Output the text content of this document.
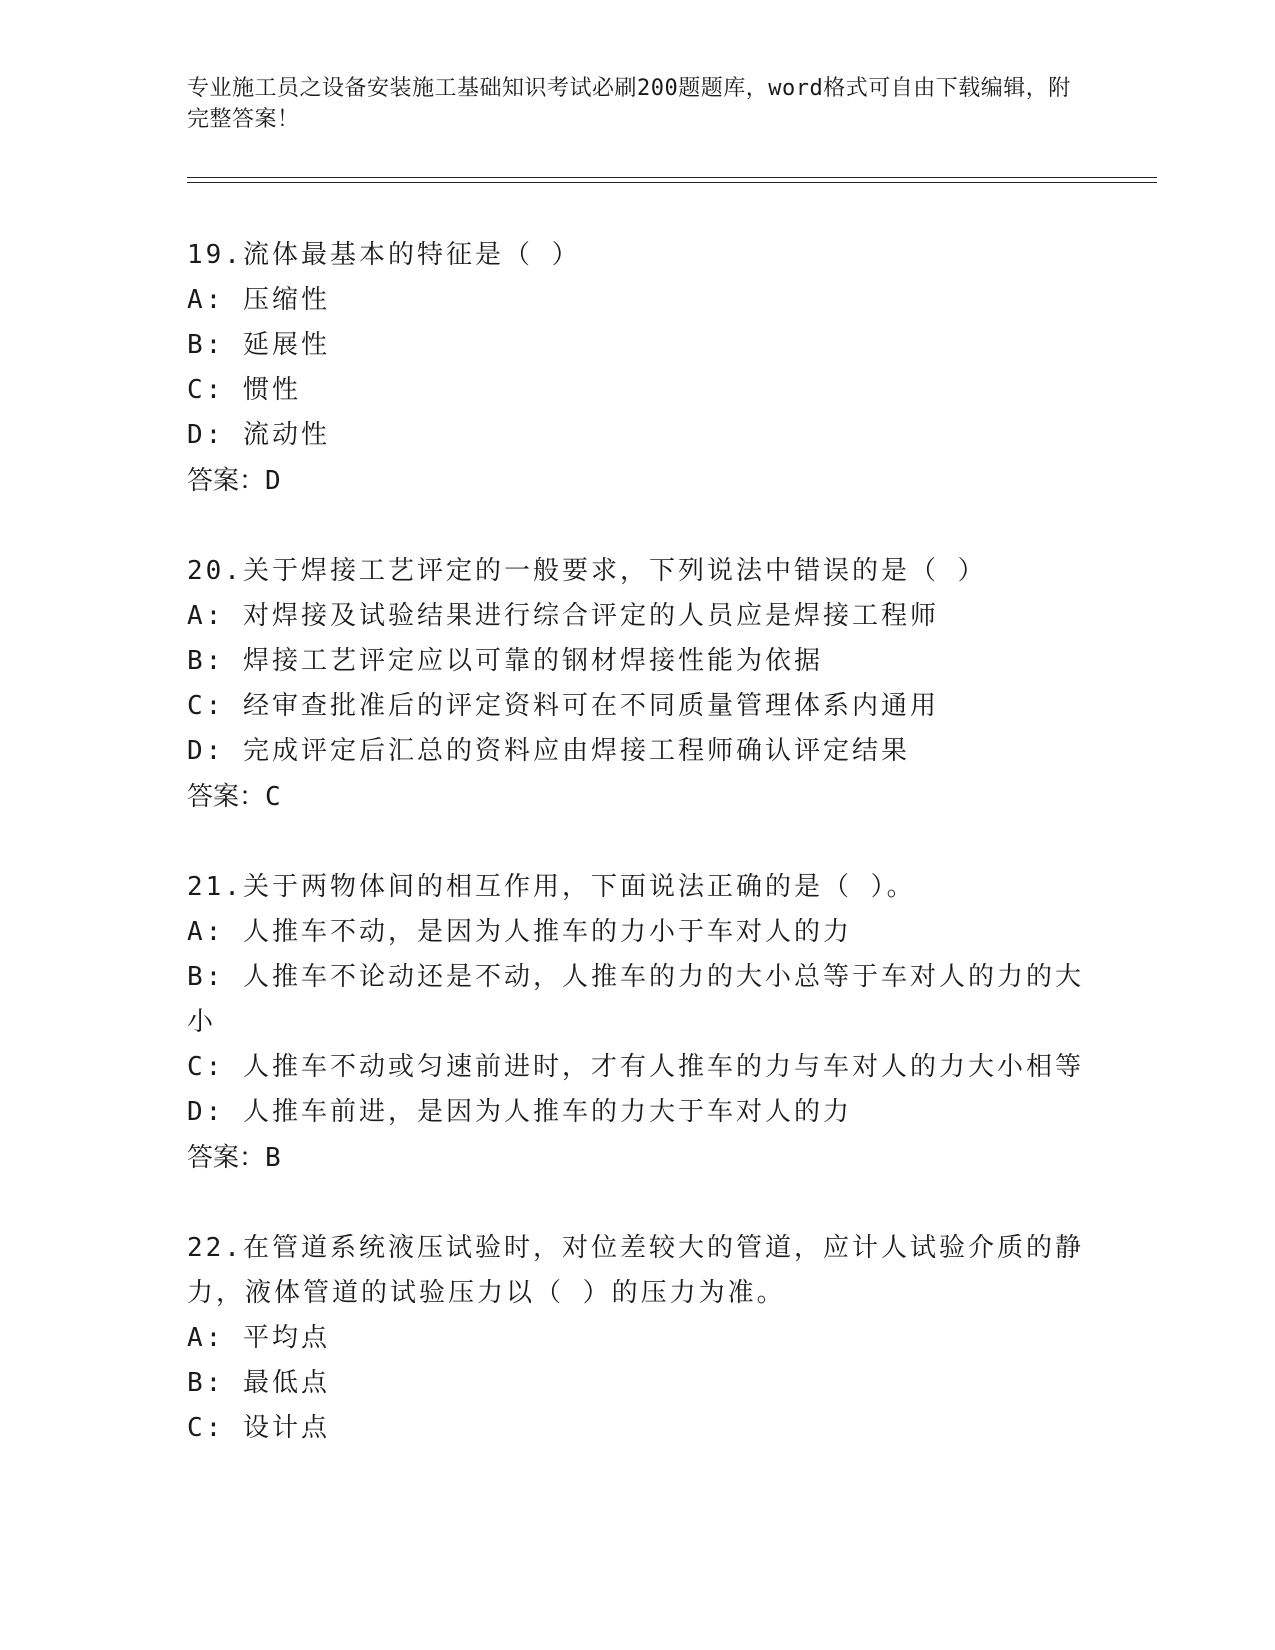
专业施工员之设备安装施工基础知识考试必刷200题题库，word格式可自由下载编辑，附完整答案！
19.流体最基本的特征是（ ）
A: 压缩性
B: 延展性
C: 惯性
D: 流动性
答案：D
20.关于焊接工艺评定的一般要求，下列说法中错误的是（ ）
A: 对焊接及试验结果进行综合评定的人员应是焊接工程师
B: 焊接工艺评定应以可靠的钢材焊接性能为依据
C: 经审查批准后的评定资料可在不同质量管理体系内通用
D: 完成评定后汇总的资料应由焊接工程师确认评定结果
答案：C
21.关于两物体间的相互作用，下面说法正确的是（ ）。
A: 人推车不动，是因为人推车的力小于车对人的力
B: 人推车不论动还是不动，人推车的力的大小总等于车对人的力的大小
C: 人推车不动或匀速前进时，才有人推车的力与车对人的力大小相等
D: 人推车前进，是因为人推车的力大于车对人的力
答案：B
22.在管道系统液压试验时，对位差较大的管道，应计人试验介质的静力，液体管道的试验压力以（ ）的压力为准。
A: 平均点
B: 最低点
C: 设计点
